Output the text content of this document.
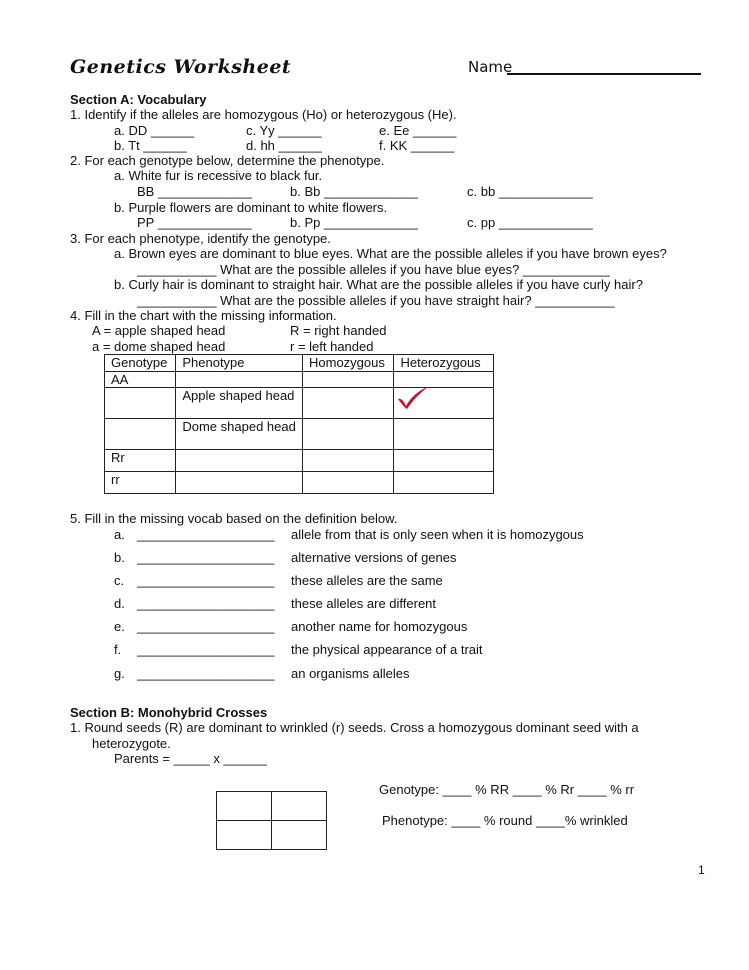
Genetics Worksheet	Name
Section A: Vocabulary
1. Identify if the alleles are homozygous (Ho) or heterozygous (He).
a. DD ______	c. Yy ______	e. Ee ______
b. Tt ______	d. hh ______	f. KK ______
2. For each genotype below, determine the phenotype.
a. White fur is recessive to black fur.
BB _____________	b. Bb _____________	c. bb _____________
b. Purple flowers are dominant to white flowers.
PP _____________	b. Pp _____________	c. pp _____________
3. For each phenotype, identify the genotype.
a. Brown eyes are dominant to blue eyes. What are the possible alleles if you have brown eyes?
___________ What are the possible alleles if you have blue eyes? ____________
b. Curly hair is dominant to straight hair. What are the possible alleles if you have curly hair?
___________ What are the possible alleles if you have straight hair? ___________
4. Fill in the chart with the missing information.
A = apple shaped head	R = right handed
a = dome shaped head	r = left handed
Genotype	Phenotype	Homozygous	Heterozygous
AA			
	Apple shaped head		
	Dome shaped head		
Rr			
rr			
5. Fill in the missing vocab based on the definition below.
a. ___________________ allele from that is only seen when it is homozygous
b. ___________________ alternative versions of genes
c. ___________________ these alleles are the same
d. ___________________ these alleles are different
e. ___________________ another name for homozygous
f. ___________________ the physical appearance of a trait
g. ___________________ an organisms alleles
Section B: Monohybrid Crosses
1. Round seeds (R) are dominant to wrinkled (r) seeds. Cross a homozygous dominant seed with a
heterozygote.
Parents = _____ x ______

Genotype: ____ % RR ____ % Rr ____ % rr
Phenotype: ____ % round ____% wrinkled
1
